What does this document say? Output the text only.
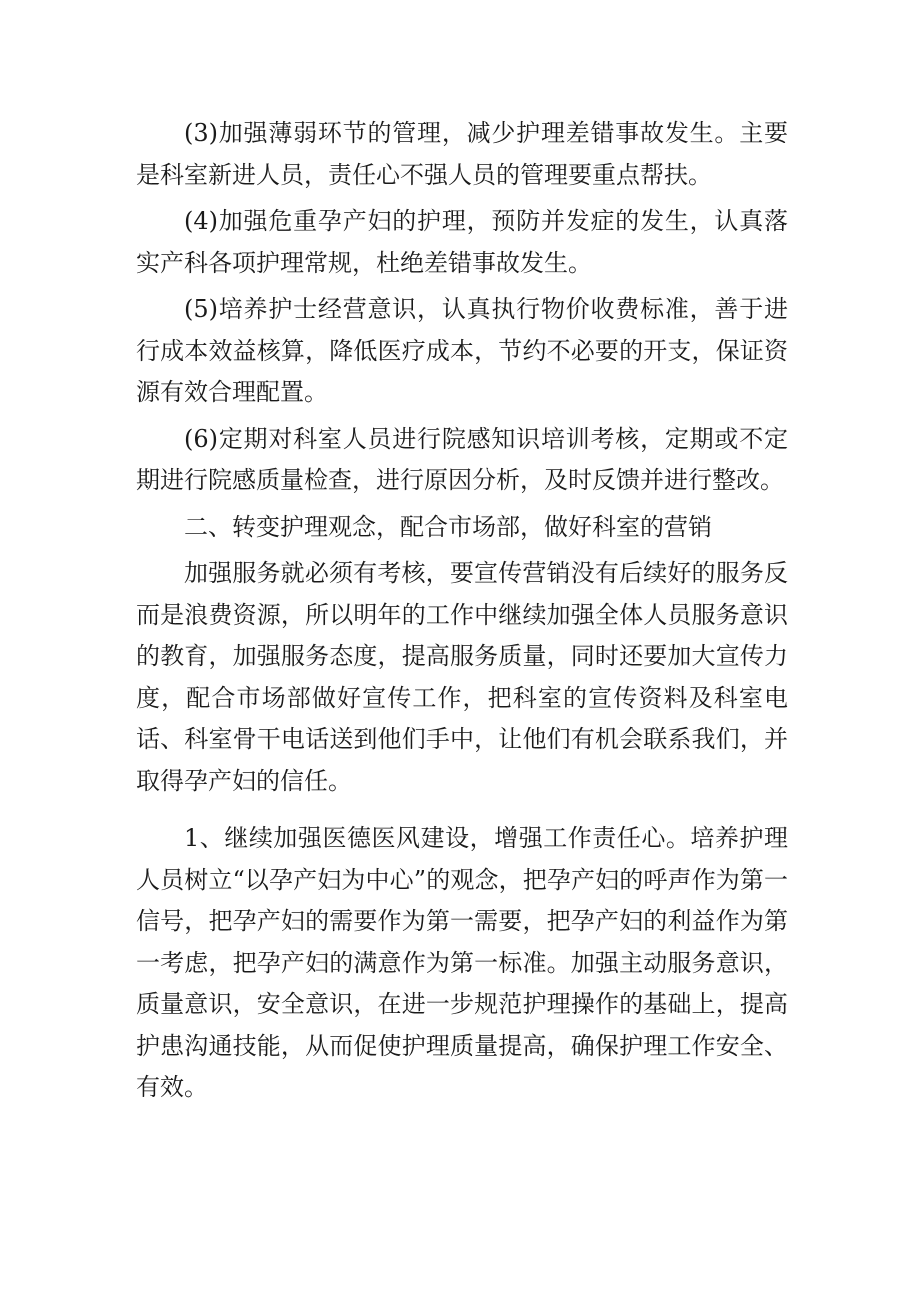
(3)加强薄弱环节的管理，减少护理差错事故发生。主要是科室新进人员，责任心不强人员的管理要重点帮扶。

(4)加强危重孕产妇的护理，预防并发症的发生，认真落实产科各项护理常规，杜绝差错事故发生。

(5)培养护士经营意识，认真执行物价收费标准，善于进行成本效益核算，降低医疗成本，节约不必要的开支，保证资源有效合理配置。

(6)定期对科室人员进行院感知识培训考核，定期或不定期进行院感质量检查，进行原因分析，及时反馈并进行整改。

二、转变护理观念，配合市场部，做好科室的营销

加强服务就必须有考核，要宣传营销没有后续好的服务反而是浪费资源，所以明年的工作中继续加强全体人员服务意识的教育，加强服务态度，提高服务质量，同时还要加大宣传力度，配合市场部做好宣传工作，把科室的宣传资料及科室电话、科室骨干电话送到他们手中，让他们有机会联系我们，并取得孕产妇的信任。

1、继续加强医德医风建设，增强工作责任心。培养护理人员树立“以孕产妇为中心”的观念，把孕产妇的呼声作为第一信号，把孕产妇的需要作为第一需要，把孕产妇的利益作为第一考虑，把孕产妇的满意作为第一标准。加强主动服务意识，质量意识，安全意识，在进一步规范护理操作的基础上，提高护患沟通技能，从而促使护理质量提高，确保护理工作安全、有效。
